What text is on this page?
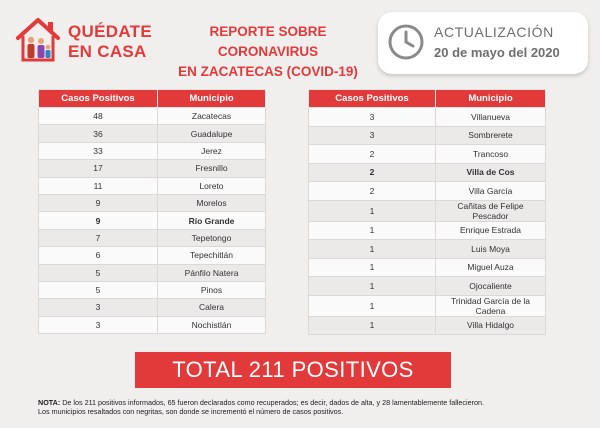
QUÉDATE
EN CASA
REPORTE SOBRE CORONAVIRUS
EN ZACATECAS (COVID-19)
ACTUALIZACIÓN
20 de mayo del 2020
Casos Positivos	Municipio
48	Zacatecas
36	Guadalupe
33	Jerez
17	Fresnillo
11	Loreto
9	Morelos
9	Río Grande
7	Tepetongo
6	Tepechitlán
5	Pánfilo Natera
5	Pinos
3	Calera
3	Nochistlán
Casos Positivos	Municipio
3	Villanueva
3	Sombrerete
2	Trancoso
2	Villa de Cos
2	Villa García
1	Cañitas de Felipe Pescador
1	Enrique Estrada
1	Luis Moya
1	Miguel Auza
1	Ojocaliente
1	Trinidad García de la Cadena
1	Villa Hidalgo
TOTAL 211 POSITIVOS
NOTA: De los 211 positivos informados, 65 fueron declarados como recuperados; es decir, dados de alta, y 28 lamentablemente fallecieron.
Los municipios resaltados con negritas, son donde se incrementó el número de casos positivos.
